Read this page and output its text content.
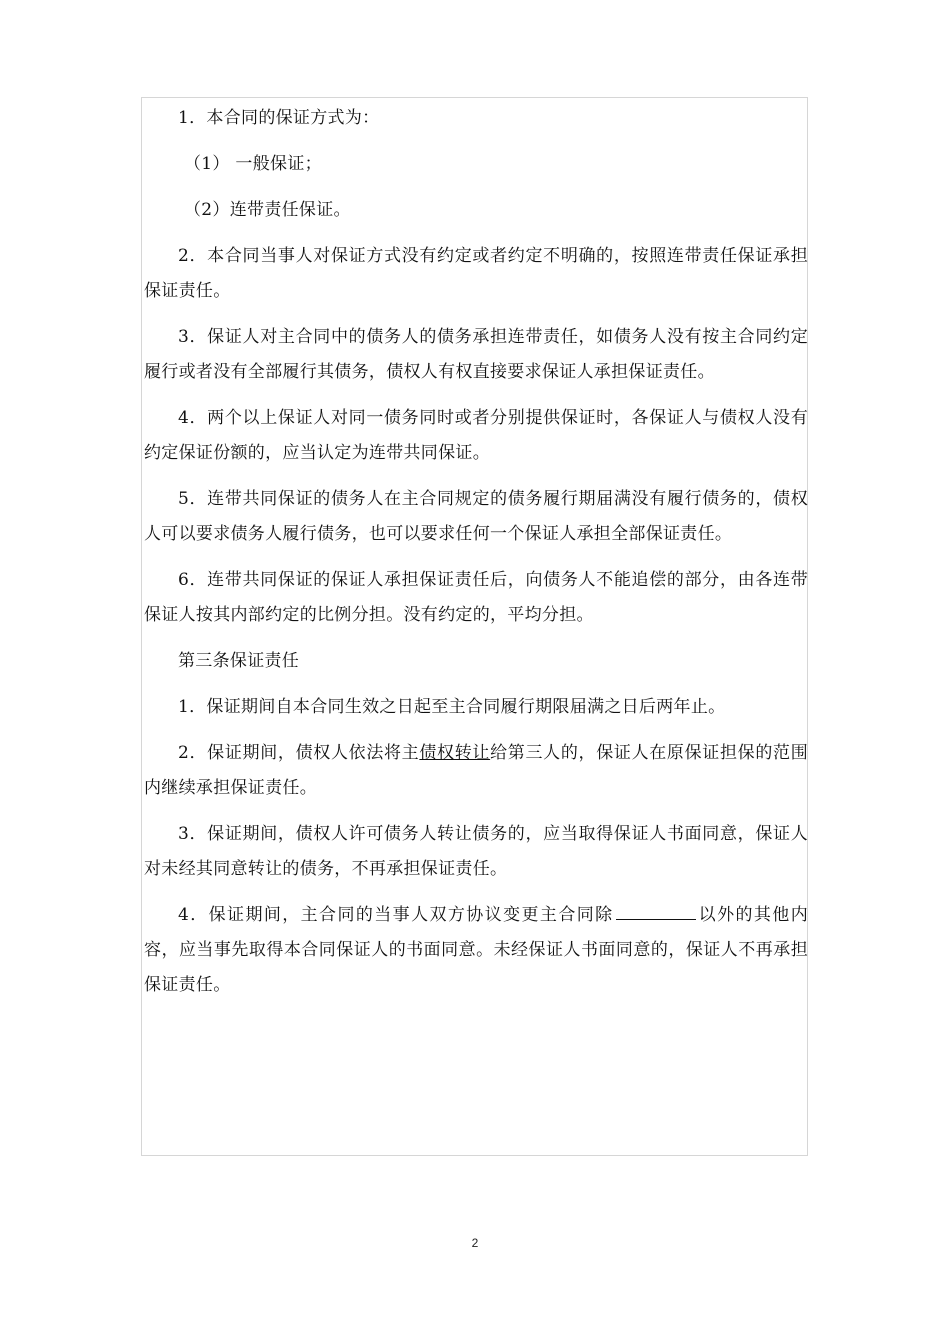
1．本合同的保证方式为：

（1） 一般保证；

（2）连带责任保证。

2．本合同当事人对保证方式没有约定或者约定不明确的，按照连带责任保证承担保证责任。

3．保证人对主合同中的债务人的债务承担连带责任，如债务人没有按主合同约定履行或者没有全部履行其债务，债权人有权直接要求保证人承担保证责任。

4．两个以上保证人对同一债务同时或者分别提供保证时，各保证人与债权人没有约定保证份额的，应当认定为连带共同保证。

5．连带共同保证的债务人在主合同规定的债务履行期届满没有履行债务的，债权人可以要求债务人履行债务，也可以要求任何一个保证人承担全部保证责任。

6．连带共同保证的保证人承担保证责任后，向债务人不能追偿的部分，由各连带保证人按其内部约定的比例分担。没有约定的，平均分担。

第三条保证责任

1．保证期间自本合同生效之日起至主合同履行期限届满之日后两年止。

2．保证期间，债权人依法将主债权转让给第三人的，保证人在原保证担保的范围内继续承担保证责任。

3．保证期间，债权人许可债务人转让债务的，应当取得保证人书面同意，保证人对未经其同意转让的债务，不再承担保证责任。

4．保证期间，主合同的当事人双方协议变更主合同除	以外的其他内容，应当事先取得本合同保证人的书面同意。未经保证人书面同意的，保证人不再承担保证责任。

2
